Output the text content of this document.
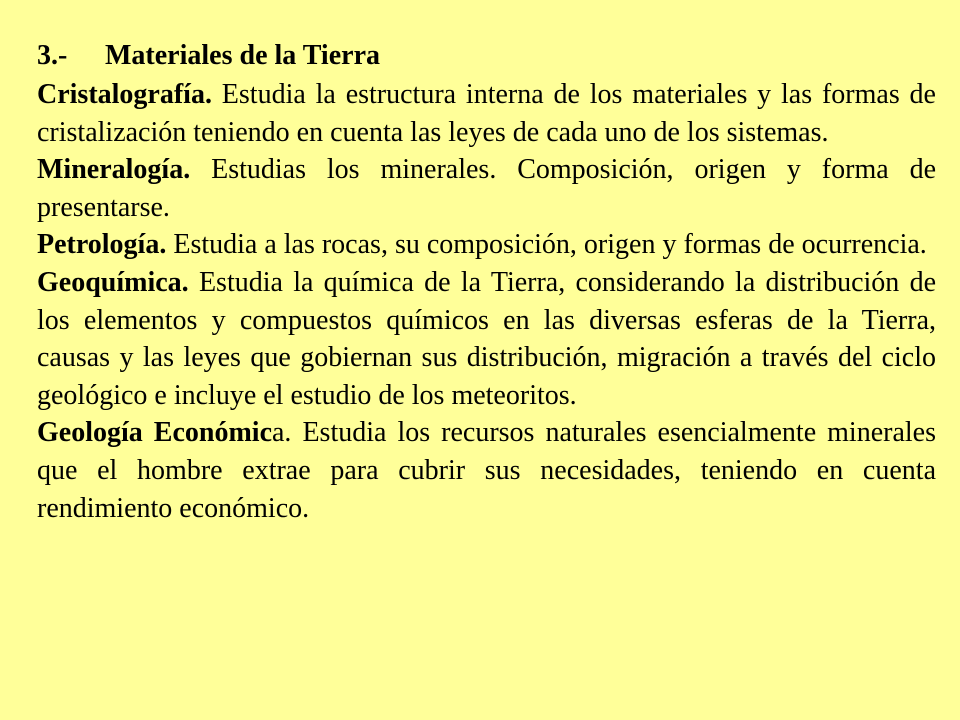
3.- Materiales de la Tierra

Cristalografía. Estudia la estructura interna de los materiales y las formas de cristalización teniendo en cuenta las leyes de cada uno de los sistemas.

Mineralogía. Estudias los minerales. Composición, origen y forma de presentarse.

Petrología. Estudia a las rocas, su composición, origen y formas de ocurrencia.

Geoquímica. Estudia la química de la Tierra, considerando la distribución de los elementos y compuestos químicos en las diversas esferas de la Tierra, causas y las leyes que gobiernan sus distribución, migración a través del ciclo geológico e incluye el estudio de los meteoritos.

Geología Económica. Estudia los recursos naturales esencialmente minerales que el hombre extrae para cubrir sus necesidades, teniendo en cuenta rendimiento económico.
